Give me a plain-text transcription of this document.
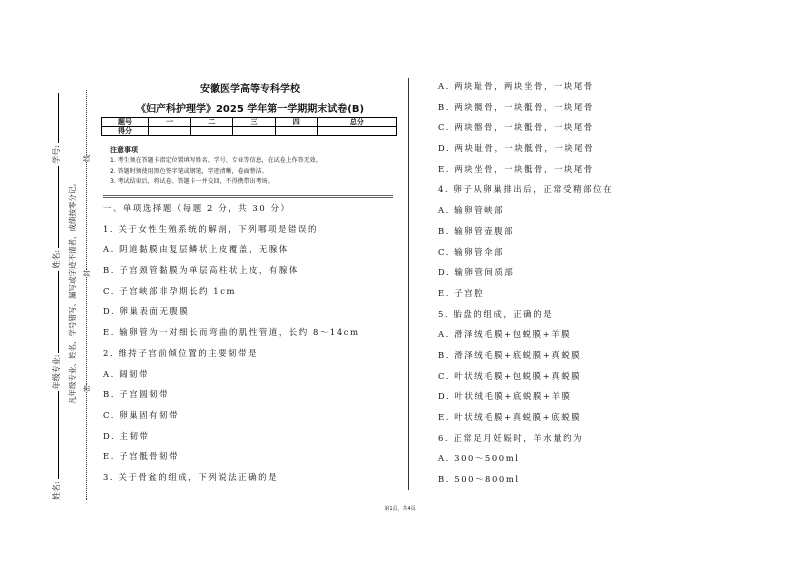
姓名:
年级专业:
姓名:
学号:
凡年级专业、姓名、学号错写、漏写或字迹不清者，成绩按零分记。 密
封
线
安徽医学高等专科学校
《妇产科护理学》2025 学年第一学期期末试卷(B)
题号	一	二	三	四	总分
得分					
注意事项
1. 考生须在答题卡指定位置填写姓名、学号、专业等信息，在试卷上作答无效。
2. 答题时须使用黑色签字笔或钢笔，字迹清晰，卷面整洁。
3. 考试结束后，将试卷、答题卡一并交回，不得携带出考场。
一、单项选择题（每题 2 分，共 30 分）
1. 关于女性生殖系统的解剖，下列哪项是错误的
A. 阴道黏膜由复层鳞状上皮覆盖，无腺体
B. 子宫颈管黏膜为单层高柱状上皮，有腺体
C. 子宫峡部非孕期长约 1cm
D. 卵巢表面无腹膜
E. 输卵管为一对细长而弯曲的肌性管道，长约 8～14cm
2. 维持子宫前倾位置的主要韧带是
A. 阔韧带
B. 子宫圆韧带
C. 卵巢固有韧带
D. 主韧带
E. 子宫骶骨韧带
3. 关于骨盆的组成，下列说法正确的是
A. 两块耻骨，两块坐骨，一块尾骨
B. 两块髋骨，一块骶骨，一块尾骨
C. 两块髂骨，一块骶骨，一块尾骨
D. 两块耻骨，一块骶骨，一块尾骨
E. 两块坐骨，一块骶骨，一块尾骨
4. 卵子从卵巢排出后，正常受精部位在
A. 输卵管峡部
B. 输卵管壶腹部
C. 输卵管伞部
D. 输卵管间质部
E. 子宫腔
5. 胎盘的组成，正确的是
A. 滑泽绒毛膜+包蜕膜+羊膜
B. 滑泽绒毛膜+底蜕膜+真蜕膜
C. 叶状绒毛膜+包蜕膜+真蜕膜
D. 叶状绒毛膜+底蜕膜+羊膜
E. 叶状绒毛膜+真蜕膜+底蜕膜
6. 正常足月妊娠时，羊水量约为
A. 300～500ml
B. 500～800ml
第1页，共4页
